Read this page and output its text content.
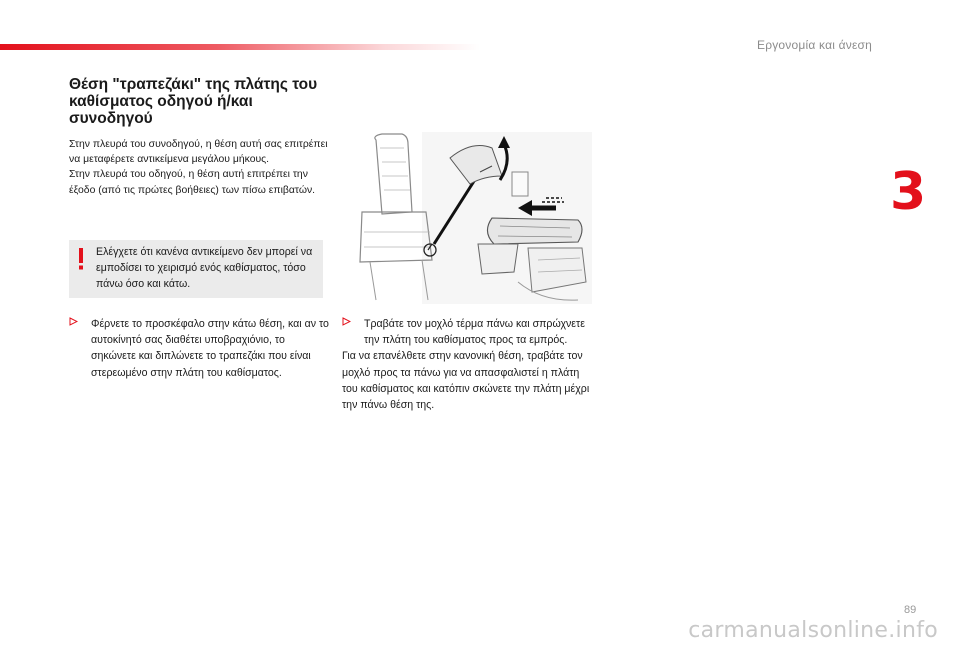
Εργονομία και άνεση
3
Θέση "τραπεζάκι" της πλάτης του καθίσματος οδηγού ή/και συνοδηγού

Στην πλευρά του συνοδηγού, η θέση αυτή σας επιτρέπει να μεταφέρετε αντικείμενα μεγάλου μήκους.

Στην πλευρά του οδηγού, η θέση αυτή επιτρέπει την έξοδο (από τις πρώτες βοήθειες) των πίσω επιβατών.

Ελέγχετε ότι κανένα αντικείμενο δεν μπορεί να εμποδίσει το χειρισμό ενός καθίσματος, τόσο πάνω όσο και κάτω.
Φέρνετε το προσκέφαλο στην κάτω θέση, και αν το αυτοκίνητό σας διαθέτει υποβραχιόνιο, το σηκώνετε και διπλώνετε το τραπεζάκι που είναι στερεωμένο στην πλάτη του καθίσματος.
Τραβάτε τον μοχλό τέρμα πάνω και σπρώχνετε την πλάτη του καθίσματος προς τα εμπρός.
Για να επανέλθετε στην κανονική θέση, τραβάτε τον μοχλό προς τα πάνω για να απασφαλιστεί η πλάτη του καθίσματος και κατόπιν σκώνετε την πλάτη μέχρι την πάνω θέση της.
89
carmanualsonline.info
